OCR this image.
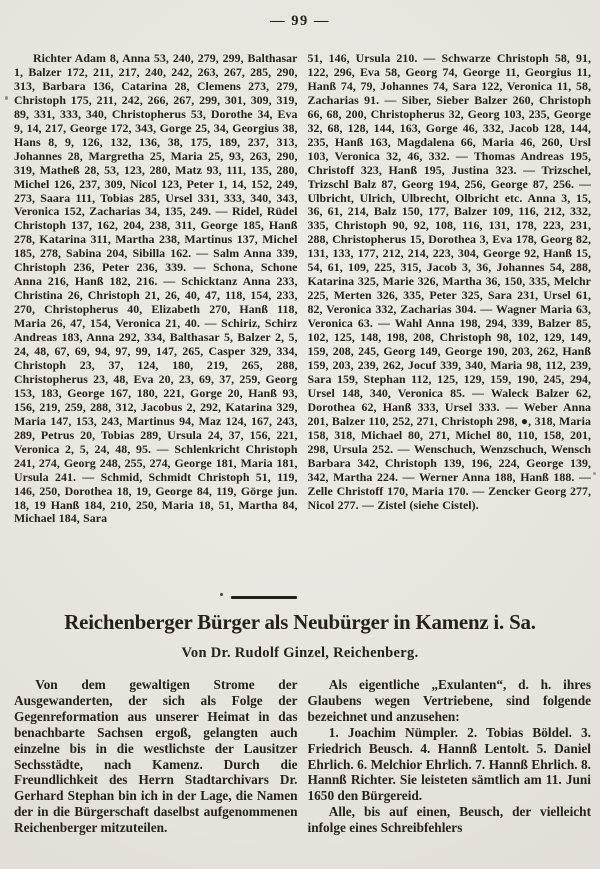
— 99 —
Richter Adam 8, Anna 53, 240, 279, 299, Balthasar 1, Balzer 172, 211, 217, 240, 242, 263, 267, 285, 290, 313, Barbara 136, Catarina 28, Clemens 273, 279, Christoph 175, 211, 242, 266, 267, 299, 301, 309, 319, 89, 331, 333, 340, Christopherus 53, Dorothe 34, Eva 9, 14, 217, George 172, 343, Gorge 25, 34, Georgius 38, Hans 8, 9, 126, 132, 136, 38, 175, 189, 237, 313, Johannes 28, Margretha 25, Maria 25, 93, 263, 290, 319, Matheß 28, 53, 123, 280, Matz 93, 111, 135, 280, Michel 126, 237, 309, Nicol 123, Peter 1, 14, 152, 249, 273, Saara 111, Tobias 285, Ursel 331, 333, 340, 343, Veronica 152, Zacharias 34, 135, 249. — Ridel, Rüdel Christoph 137, 162, 204, 238, 311, George 185, Hanß 278, Katarina 311, Martha 238, Martinus 137, Michel 185, 278, Sabina 204, Sibilla 162. — Salm Anna 339, Christoph 236, Peter 236, 339. — Schona, Schone Anna 216, Hanß 182, 216. — Schicktanz Anna 233, Christina 26, Christoph 21, 26, 40, 47, 118, 154, 233, 270, Christopherus 40, Elizabeth 270, Hanß 118, Maria 26, 47, 154, Veronica 21, 40. — Schiriz, Schirz Andreas 183, Anna 292, 334, Balthasar 5, Balzer 2, 5, 24, 48, 67, 69, 94, 97, 99, 147, 265, Casper 329, 334, Christoph 23, 37, 124, 180, 219, 265, 288, Christopherus 23, 48, Eva 20, 23, 69, 37, 259, Georg 153, 183, George 167, 180, 221, Gorge 20, Hanß 93, 156, 219, 259, 288, 312, Jacobus 2, 292, Katarina 329, Maria 147, 153, 243, Martinus 94, Maz 124, 167, 243, 289, Petrus 20, Tobias 289, Ursula 24, 37, 156, 221, Veronica 2, 5, 24, 48, 95. — Schlenkricht Christoph 241, 274, Georg 248, 255, 274, George 181, Maria 181, Ursula 241. — Schmid, Schmidt Christoph 51, 119, 146, 250, Dorothea 18, 19, George 84, 119, Görge jun. 18, 19 Hanß 184, 210, 250, Maria 18, 51, Martha 84, Michael 184, Sara
51, 146, Ursula 210. — Schwarze Christoph 58, 91, 122, 296, Eva 58, Georg 74, George 11, Georgius 11, Hanß 74, 79, Johannes 74, Sara 122, Veronica 11, 58, Zacharias 91. — Siber, Sieber Balzer 260, Christoph 66, 68, 200, Christopherus 32, Georg 103, 235, George 32, 68, 128, 144, 163, Gorge 46, 332, Jacob 128, 144, 235, Hanß 163, Magdalena 66, Maria 46, 260, Ursl 103, Veronica 32, 46, 332. — Thomas Andreas 195, Christoff 323, Hanß 195, Justina 323. — Trizschel, Trizschl Balz 87, Georg 194, 256, George 87, 256. — Ulbricht, Ulrich, Ulbrecht, Olbricht etc. Anna 3, 15, 36, 61, 214, Balz 150, 177, Balzer 109, 116, 212, 332, 335, Christoph 90, 92, 108, 116, 131, 178, 223, 231, 288, Christopherus 15, Dorothea 3, Eva 178, Georg 82, 131, 133, 177, 212, 214, 223, 304, George 92, Hanß 15, 54, 61, 109, 225, 315, Jacob 3, 36, Johannes 54, 288, Katarina 325, Marie 326, Martha 36, 150, 335, Melchr 225, Merten 326, 335, Peter 325, Sara 231, Ursel 61, 82, Veronica 332, Zacharias 304. — Wagner Maria 63, Veronica 63. — Wahl Anna 198, 294, 339, Balzer 85, 102, 125, 148, 198, 208, Christoph 98, 102, 129, 149, 159, 208, 245, Georg 149, George 190, 203, 262, Hanß 159, 203, 239, 262, Jocuf 339, 340, Maria 98, 112, 239, Sara 159, Stephan 112, 125, 129, 159, 190, 245, 294, Ursel 148, 340, Veronica 85. — Waleck Balzer 62, Dorothea 62, Hanß 333, Ursel 333. — Weber Anna 201, Balzer 110, 252, 271, Christoph 298, ●, 318, Maria 158, 318, Michael 80, 271, Michel 80, 110, 158, 201, 298, Ursula 252. — Wenschuch, Wenzschuch, Wensch Barbara 342, Christoph 139, 196, 224, George 139, 342, Martha 224. — Werner Anna 188, Hanß 188. — Zelle Christoff 170, Maria 170. — Zencker Georg 277, Nicol 277. — Zistel (siehe Cistel).
Reichenberger Bürger als Neubürger in Kamenz i. Sa.
Von Dr. Rudolf Ginzel, Reichenberg.

Von dem gewaltigen Strome der Ausgewanderten, der sich als Folge der Gegenreformation aus unserer Heimat in das benachbarte Sachsen ergoß, gelangten auch einzelne bis in die westlichste der Lausitzer Sechsstädte, nach Kamenz. Durch die Freundlichkeit des Herrn Stadtarchivars Dr. Gerhard Stephan bin ich in der Lage, die Namen der in die Bürgerschaft daselbst aufgenommenen Reichenberger mitzuteilen.

Als eigentliche „Exulanten“, d. h. ihres Glaubens wegen Vertriebene, sind folgende bezeichnet und anzusehen:

1. Joachim Nümpler. 2. Tobias Böldel. 3. Friedrich Beusch. 4. Hannß Lentolt. 5. Daniel Ehrlich. 6. Melchior Ehrlich. 7. Hannß Ehrlich. 8. Hannß Richter. Sie leisteten sämtlich am 11. Juni 1650 den Bürgereid.

Alle, bis auf einen, Beusch, der vielleicht infolge eines Schreibfehlers
